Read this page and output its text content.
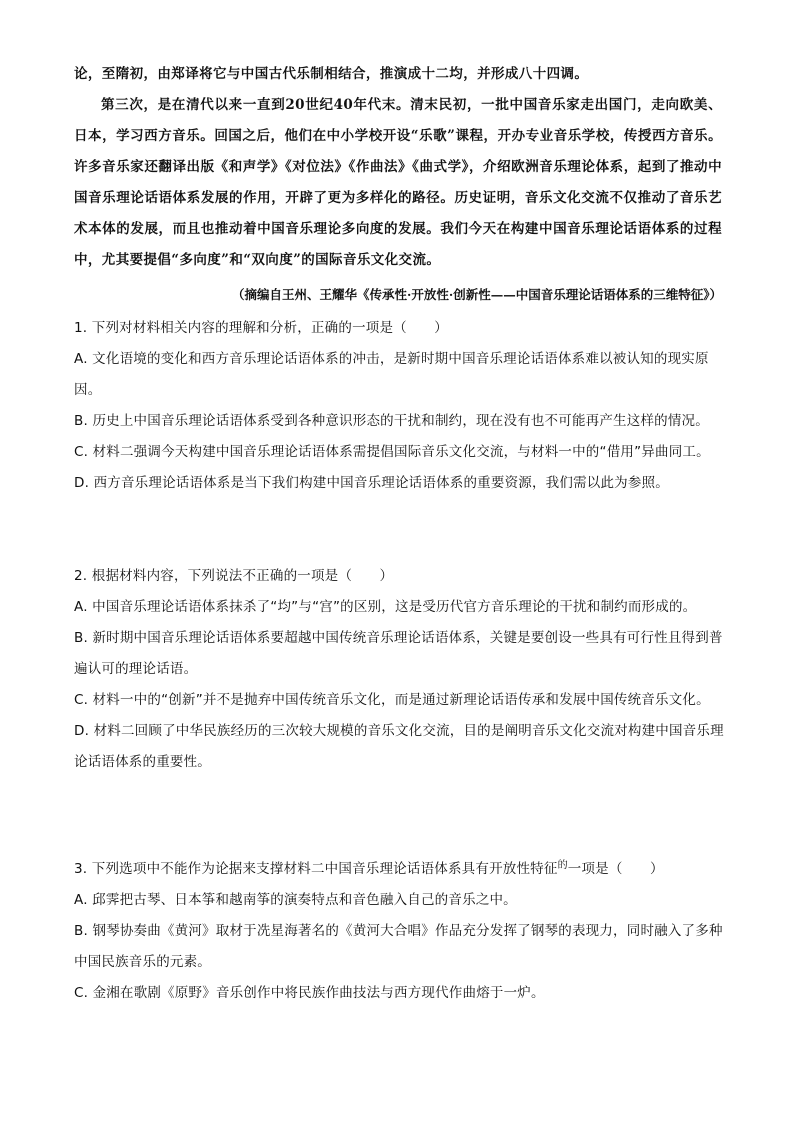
论，至隋初，由郑译将它与中国古代乐制相结合，推演成十二均，并形成八十四调。

第三次，是在清代以来一直到20世纪40年代末。清末民初，一批中国音乐家走出国门，走向欧美、日本，学习西方音乐。回国之后，他们在中小学校开设“乐歌”课程，开办专业音乐学校，传授西方音乐。许多音乐家还翻译出版《和声学》《对位法》《作曲法》《曲式学》，介绍欧洲音乐理论体系，起到了推动中国音乐理论话语体系发展的作用，开辟了更为多样化的路径。历史证明，音乐文化交流不仅推动了音乐艺术本体的发展，而且也推动着中国音乐理论多向度的发展。我们今天在构建中国音乐理论话语体系的过程中，尤其要提倡“多向度”和“双向度”的国际音乐文化交流。

（摘编自王州、王耀华《传承性·开放性·创新性——中国音乐理论话语体系的三维特征》）

1. 下列对材料相关内容的理解和分析，正确的一项是（　　）

A. 文化语境的变化和西方音乐理论话语体系的冲击，是新时期中国音乐理论话语体系难以被认知的现实原因。

B. 历史上中国音乐理论话语体系受到各种意识形态的干扰和制约，现在没有也不可能再产生这样的情况。

C. 材料二强调今天构建中国音乐理论话语体系需提倡国际音乐文化交流，与材料一中的“借用”异曲同工。

D. 西方音乐理论话语体系是当下我们构建中国音乐理论话语体系的重要资源，我们需以此为参照。

2. 根据材料内容，下列说法不正确的一项是（　　）

A. 中国音乐理论话语体系抹杀了“均”与“宫”的区别，这是受历代官方音乐理论的干扰和制约而形成的。

B. 新时期中国音乐理论话语体系要超越中国传统音乐理论话语体系，关键是要创设一些具有可行性且得到普遍认可的理论话语。

C. 材料一中的“创新”并不是抛弃中国传统音乐文化，而是通过新理论话语传承和发展中国传统音乐文化。

D. 材料二回顾了中华民族经历的三次较大规模的音乐文化交流，目的是阐明音乐文化交流对构建中国音乐理论话语体系的重要性。

3. 下列选项中不能作为论据来支撑材料二中国音乐理论话语体系具有开放性特征$^的$一项是（　　）

A. 邱霁把古琴、日本筝和越南筝的演奏特点和音色融入自己的音乐之中。

B. 钢琴协奏曲《黄河》取材于冼星海著名的《黄河大合唱》作品充分发挥了钢琴的表现力，同时融入了多种中国民族音乐的元素。

C. 金湘在歌剧《原野》音乐创作中将民族作曲技法与西方现代作曲熔于一炉。
